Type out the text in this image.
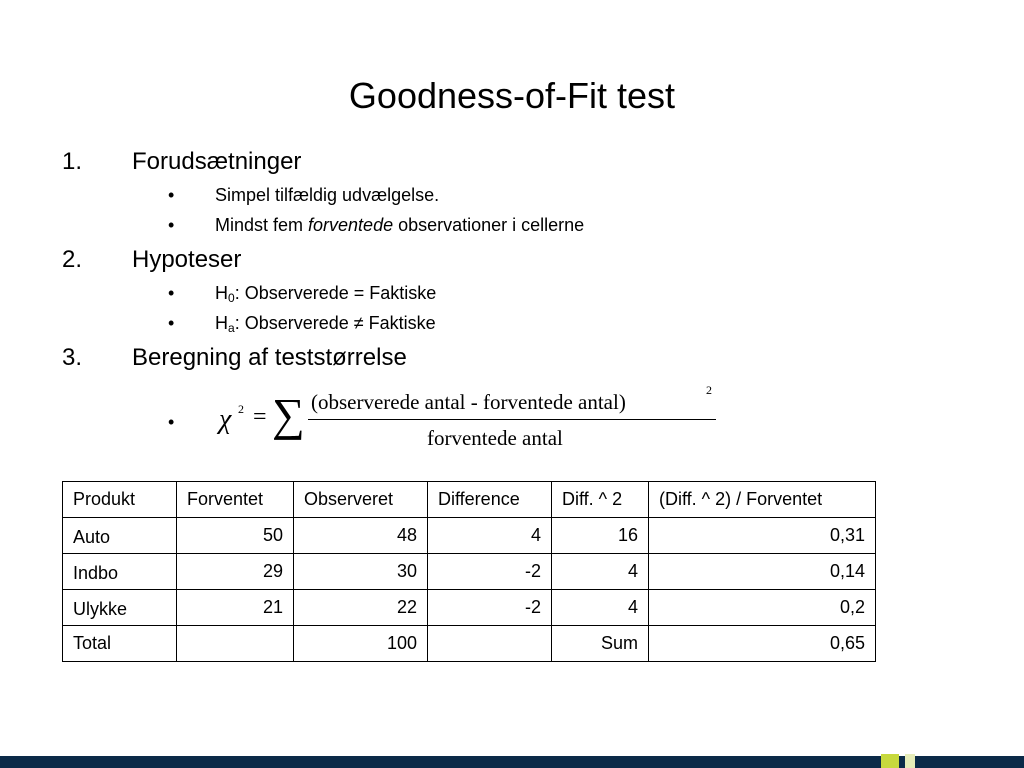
Goodness-of-Fit test
1. Forudsætninger
• Simpel tilfældig udvælgelse.
• Mindst fem forventede observationer i cellerne
2. Hypoteser
• $H_0$: Observerede = Faktiske
• $H_a$: Observerede ≠ Faktiske
3. Beregning af teststørrelse
• χ 2 = ∑ (observerede antal - forventede antal)	2
forventede antal
Produkt	Forventet	Observeret	Difference	Diff. ^ 2	(Diff. ^ 2) / Forventet
Auto	50	48	4	16	0,31
Indbo	29	30	-2	4	0,14
Ulykke	21	22	-2	4	0,2
Total		100		Sum	0,65
